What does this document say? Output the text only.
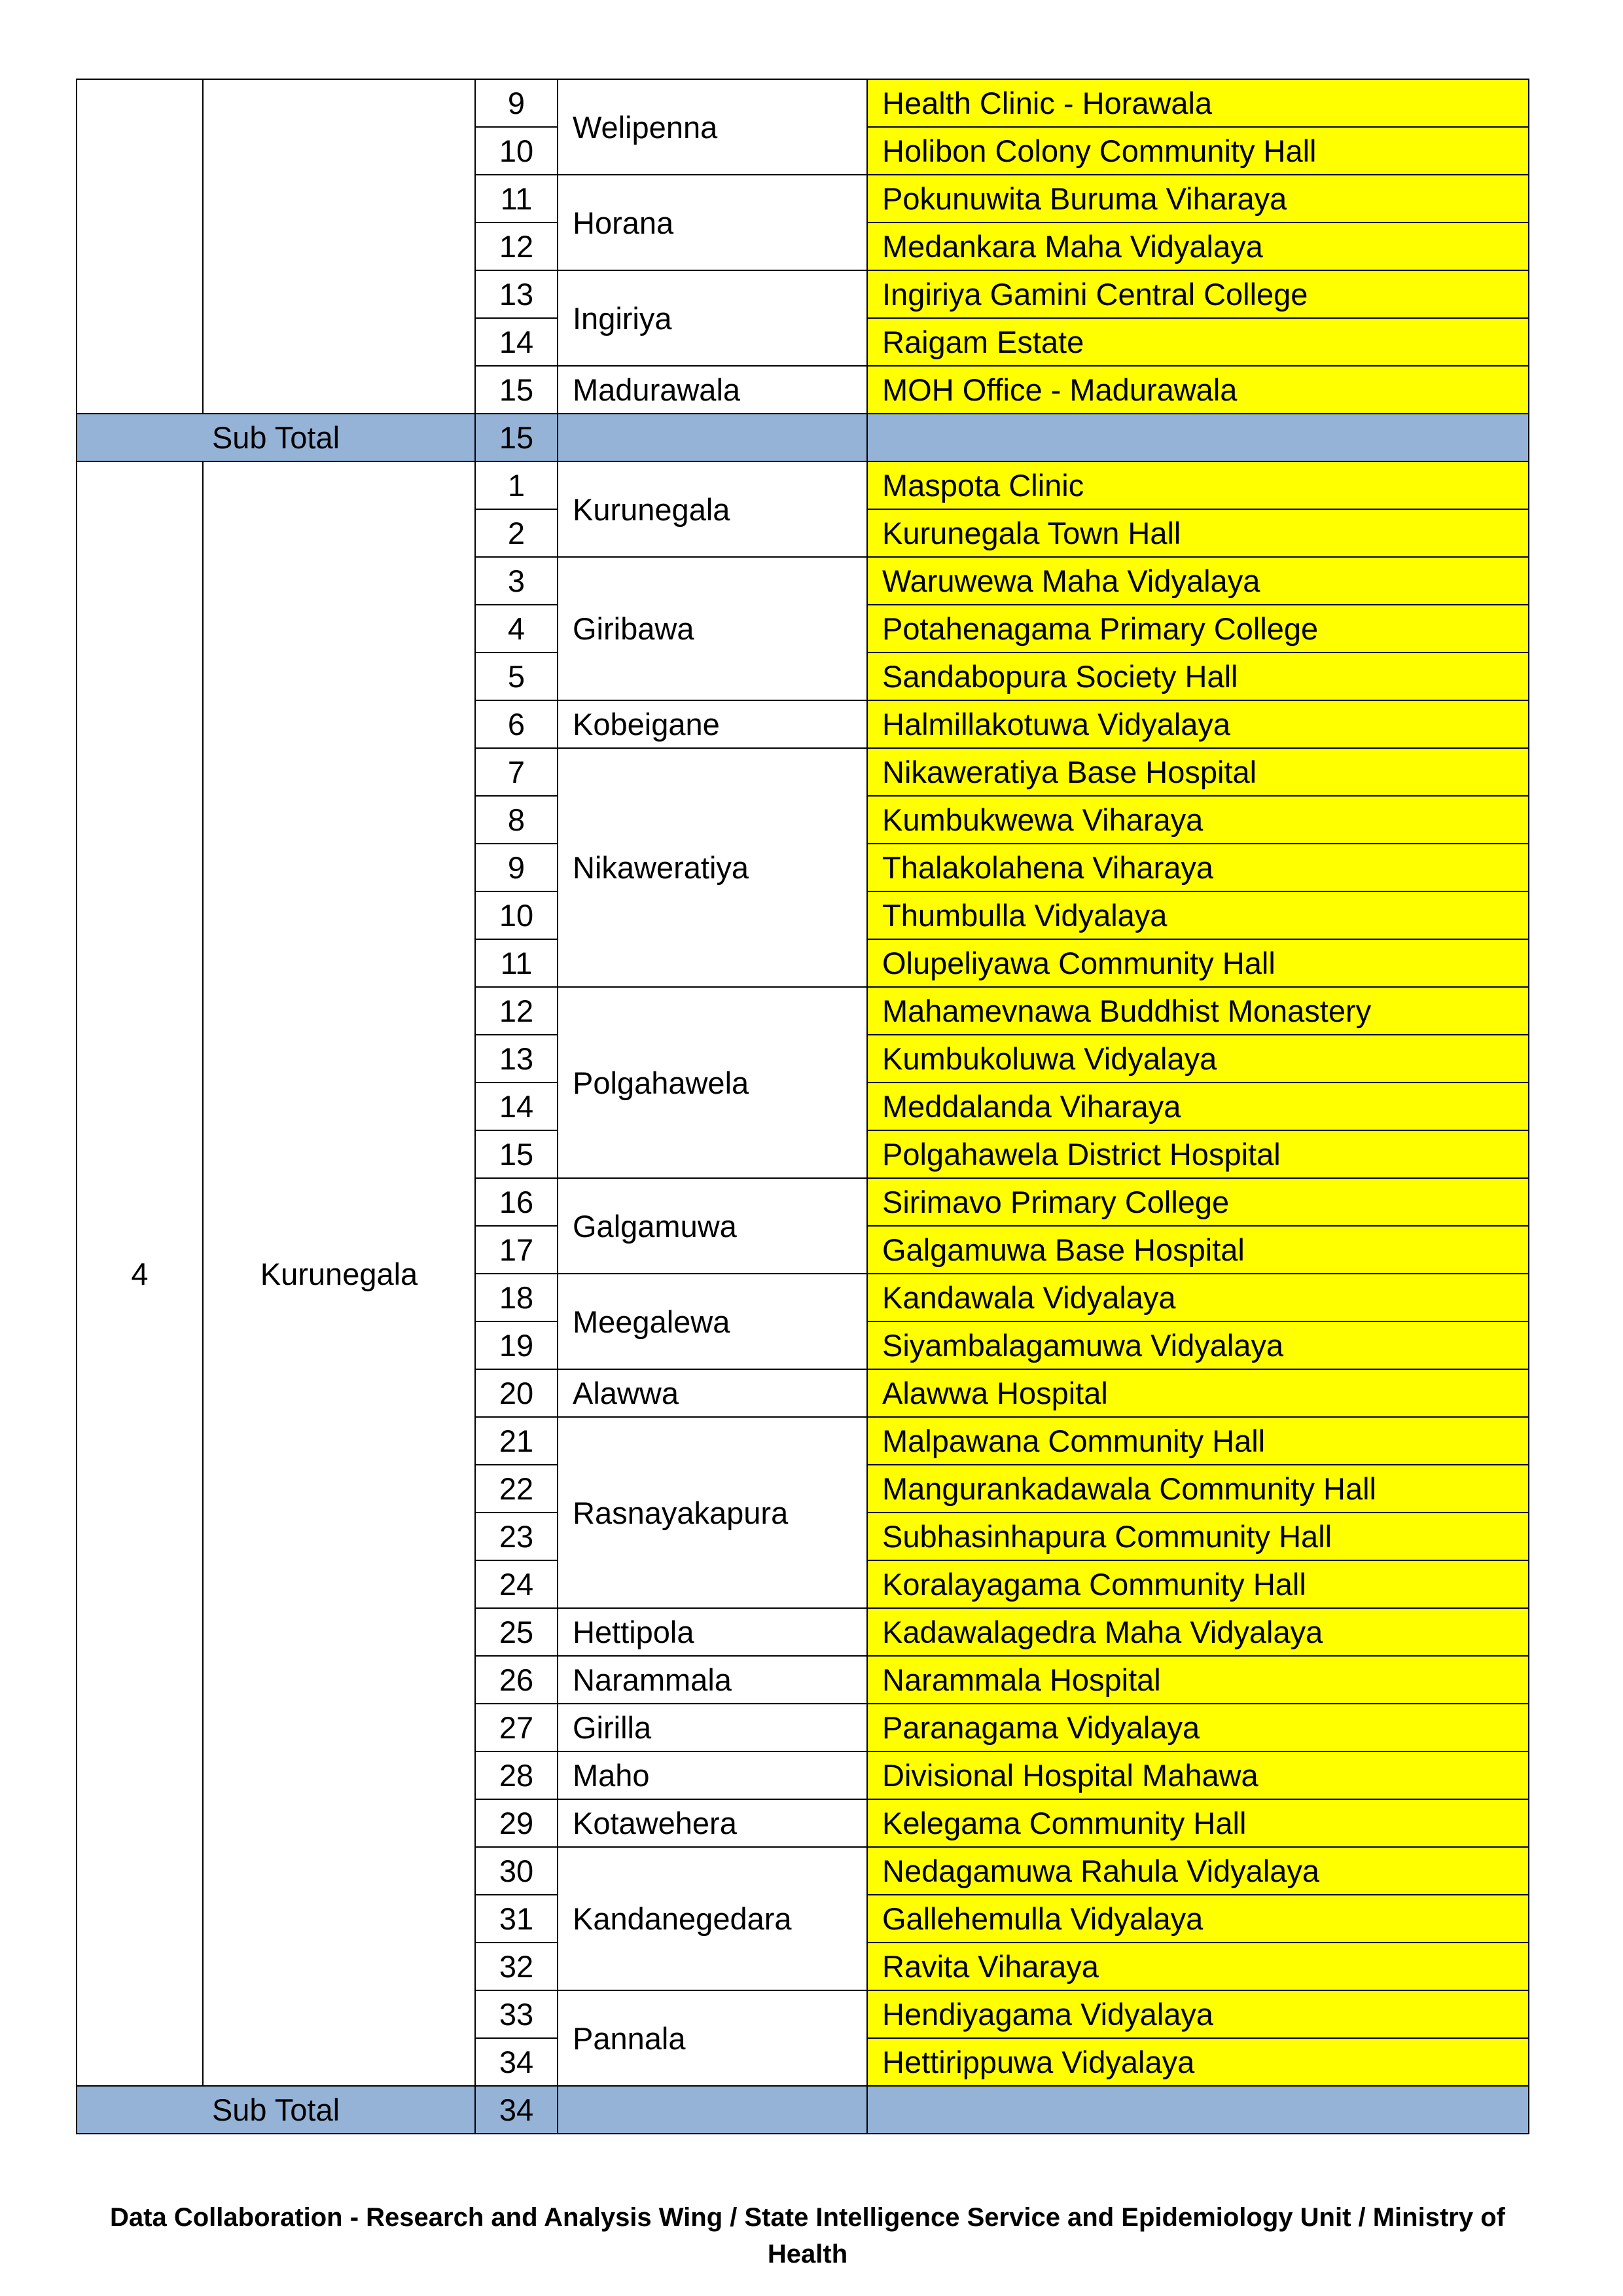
		9	Welipenna	Health Clinic - Horawala
		10		Holibon Colony Community Hall
		11	Horana	Pokunuwita Buruma Viharaya
		12		Medankara Maha Vidyalaya
		13	Ingiriya	Ingiriya Gamini Central College
		14		Raigam Estate
		15	Madurawala	MOH Office - Madurawala
Sub Total		15		
4	Kurunegala	1	Kurunegala	Maspota Clinic
		2		Kurunegala Town Hall
		3	Giribawa	Waruwewa Maha Vidyalaya
		4		Potahenagama Primary College
		5		Sandabopura Society Hall
		6	Kobeigane	Halmillakotuwa Vidyalaya
		7	Nikaweratiya	Nikaweratiya Base Hospital
		8		Kumbukwewa Viharaya
		9		Thalakolahena Viharaya
		10		Thumbulla Vidyalaya
		11		Olupeliyawa Community Hall
		12	Polgahawela	Mahamevnawa Buddhist Monastery
		13		Kumbukoluwa Vidyalaya
		14		Meddalanda Viharaya
		15		Polgahawela District Hospital
		16	Galgamuwa	Sirimavo Primary College
		17		Galgamuwa Base Hospital
		18	Meegalewa	Kandawala Vidyalaya
		19		Siyambalagamuwa Vidyalaya
		20	Alawwa	Alawwa Hospital
		21	Rasnayakapura	Malpawana Community Hall
		22		Mangurankadawala Community Hall
		23		Subhasinhapura Community Hall
		24		Koralayagama Community Hall
		25	Hettipola	Kadawalagedra Maha Vidyalaya
		26	Narammala	Narammala Hospital
		27	Girilla	Paranagama Vidyalaya
		28	Maho	Divisional Hospital Mahawa
		29	Kotawehera	Kelegama Community Hall
		30	Kandanegedara	Nedagamuwa Rahula Vidyalaya
		31		Gallehemulla Vidyalaya
		32		Ravita Viharaya
		33	Pannala	Hendiyagama Vidyalaya
		34		Hettirippuwa Vidyalaya
Sub Total		34		
Data Collaboration - Research and Analysis Wing / State Intelligence Service and Epidemiology Unit / Ministry of
Health
